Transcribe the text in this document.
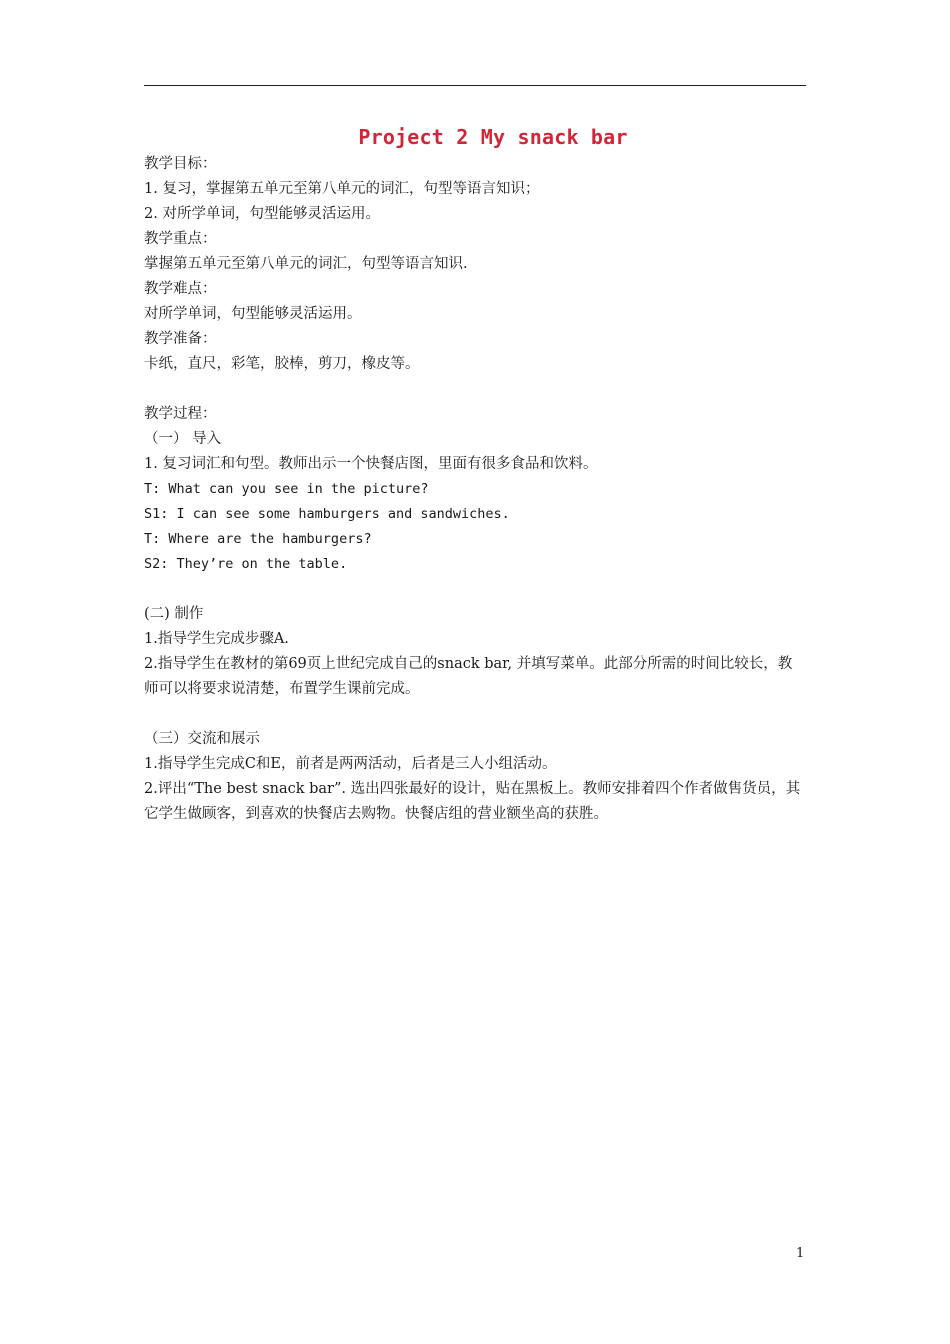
Project 2 My snack bar

教学目标：

1. 复习，掌握第五单元至第八单元的词汇，句型等语言知识；

2. 对所学单词，句型能够灵活运用。

教学重点：

掌握第五单元至第八单元的词汇，句型等语言知识.

教学难点：

对所学单词，句型能够灵活运用。

教学准备：

卡纸，直尺，彩笔，胶棒，剪刀，橡皮等。

教学过程：

（一） 导入

1. 复习词汇和句型。教师出示一个快餐店图，里面有很多食品和饮料。

T: What can you see in the picture?

S1: I can see some hamburgers and sandwiches.

T: Where are the hamburgers?

S2: They’re on the table.

(二) 制作

1.指导学生完成步骤A.

2.指导学生在教材的第69页上世纪完成自己的snack bar, 并填写菜单。此部分所需的时间比较长，教师可以将要求说清楚，布置学生课前完成。

（三）交流和展示

1.指导学生完成C和E，前者是两两活动，后者是三人小组活动。

2.评出“The best snack bar”. 选出四张最好的设计，贴在黑板上。教师安排着四个作者做售货员，其它学生做顾客，到喜欢的快餐店去购物。快餐店组的营业额坐高的获胜。

1
